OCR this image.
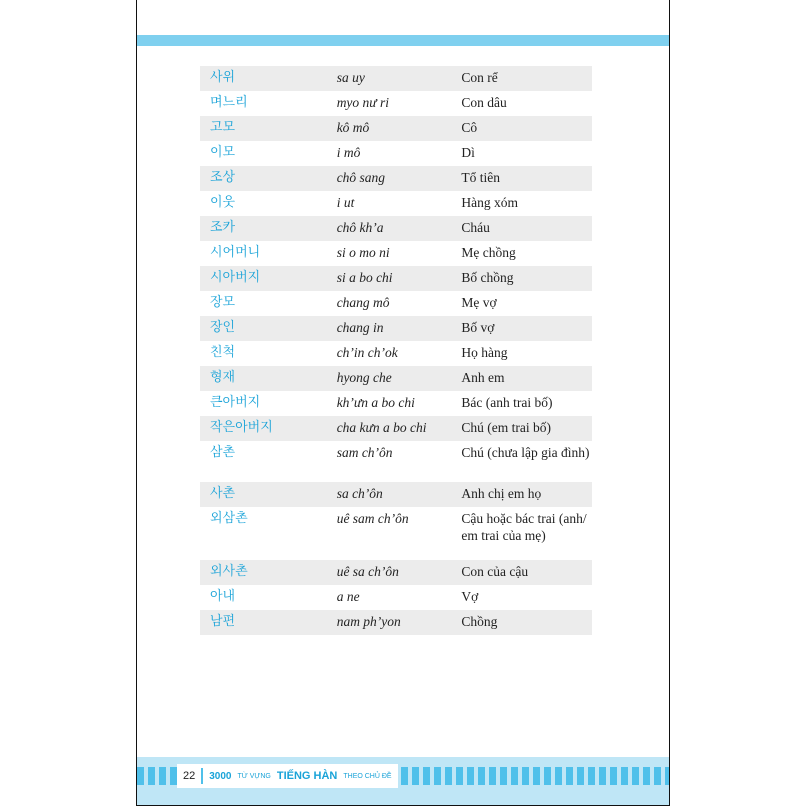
사위	sa uy	Con rể
며느리	myo nư ri	Con dâu
고모	kô mô	Cô
이모	i mô	Dì
조상	chô sang	Tổ tiên
이웃	i ut	Hàng xóm
조카	chô kh’a	Cháu
시어머니	si o mo ni	Mẹ chồng
시아버지	si a bo chi	Bố chồng
장모	chang mô	Mẹ vợ
장인	chang in	Bố vợ
친척	ch’in ch’ok	Họ hàng
형재	hyong che	Anh em
큰아버지	kh’ưn a bo chi	Bác (anh trai bố)
작은아버지	cha kưn a bo chi	Chú (em trai bố)
삼촌	sam ch’ôn	Chú (chưa lập gia đình)
사촌	sa ch’ôn	Anh chị em họ
외삼촌	uê sam ch’ôn	Cậu hoặc bác trai (anh/ em trai của mẹ)
외사촌	uê sa ch’ôn	Con của cậu
아내	a ne	Vợ
남편	nam ph’yon	Chồng
22 3000 TỪ VỰNG TIẾNG HÀN THEO CHỦ ĐỀ
